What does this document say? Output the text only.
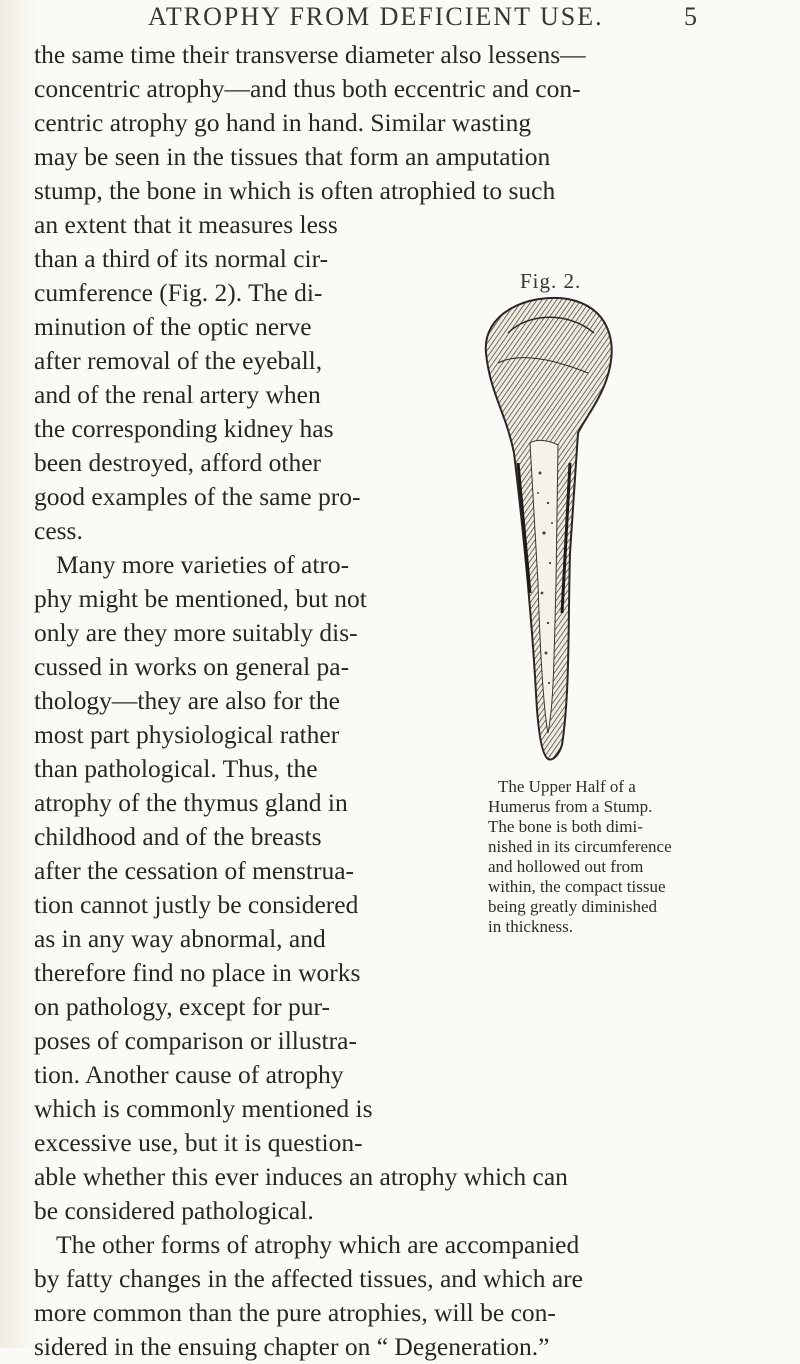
ATROPHY FROM DEFICIENT USE.	5
the same time their transverse diameter also lessens—
concentric atrophy—and thus both eccentric and con-
centric atrophy go hand in hand. Similar wasting
may be seen in the tissues that form an amputation
stump, the bone in which is often atrophied to such
an extent that it measures less
than a third of its normal cir-
cumference (Fig. 2). The di-
minution of the optic nerve
after removal of the eyeball,
and of the renal artery when
the corresponding kidney has
been destroyed, afford other
good examples of the same pro-
cess.
Many more varieties of atro-
phy might be mentioned, but not
only are they more suitably dis-
cussed in works on general pa-
thology—they are also for the
most part physiological rather
than pathological. Thus, the
atrophy of the thymus gland in
childhood and of the breasts
after the cessation of menstrua-
tion cannot justly be considered
as in any way abnormal, and
therefore find no place in works
on pathology, except for pur-
poses of comparison or illustra-
tion. Another cause of atrophy
which is commonly mentioned is
excessive use, but it is question-
able whether this ever induces an atrophy which can
be considered pathological.
The other forms of atrophy which are accompanied
by fatty changes in the affected tissues, and which are
more common than the pure atrophies, will be con-
sidered in the ensuing chapter on “ Degeneration.”
Fig. 2.
The Upper Half of a
Humerus from a Stump.
The bone is both dimi-
nished in its circumference
and hollowed out from
within, the compact tissue
being greatly diminished
in thickness.
